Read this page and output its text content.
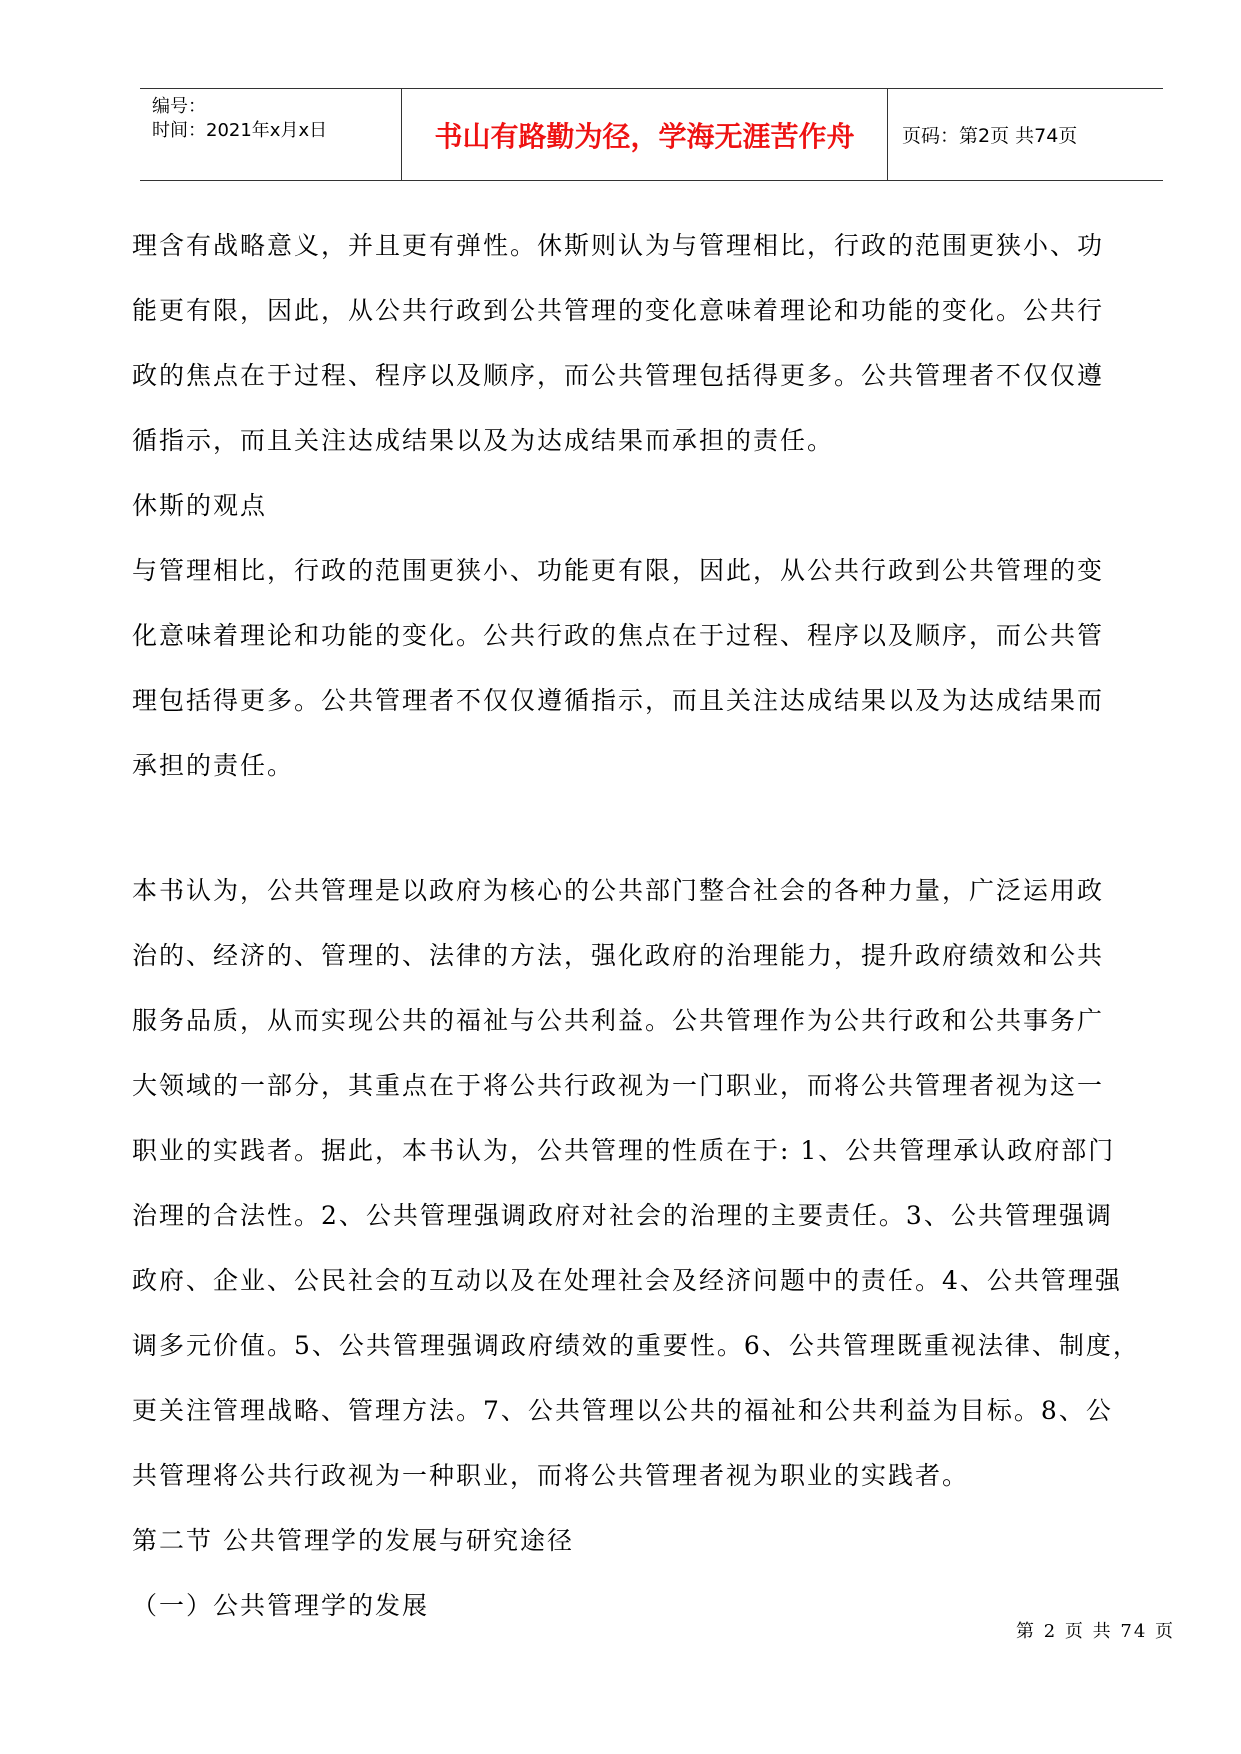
编号：
时间：2021年x月x日	书山有路勤为径，学海无涯苦作舟	页码：第2页 共74页
理含有战略意义，并且更有弹性。休斯则认为与管理相比，行政的范围更狭小、功
能更有限，因此，从公共行政到公共管理的变化意味着理论和功能的变化。公共行
政的焦点在于过程、程序以及顺序，而公共管理包括得更多。公共管理者不仅仅遵
循指示，而且关注达成结果以及为达成结果而承担的责任。
休斯的观点
与管理相比，行政的范围更狭小、功能更有限，因此，从公共行政到公共管理的变
化意味着理论和功能的变化。公共行政的焦点在于过程、程序以及顺序，而公共管
理包括得更多。公共管理者不仅仅遵循指示，而且关注达成结果以及为达成结果而
承担的责任。
本书认为，公共管理是以政府为核心的公共部门整合社会的各种力量，广泛运用政
治的、经济的、管理的、法律的方法，强化政府的治理能力，提升政府绩效和公共
服务品质，从而实现公共的福祉与公共利益。公共管理作为公共行政和公共事务广
大领域的一部分，其重点在于将公共行政视为一门职业，而将公共管理者视为这一
职业的实践者。据此，本书认为，公共管理的性质在于: 1、公共管理承认政府部门
治理的合法性。2、公共管理强调政府对社会的治理的主要责任。3、公共管理强调
政府、企业、公民社会的互动以及在处理社会及经济问题中的责任。4、公共管理强
调多元价值。5、公共管理强调政府绩效的重要性。6、公共管理既重视法律、制度，
更关注管理战略、管理方法。7、公共管理以公共的福祉和公共利益为目标。8、公
共管理将公共行政视为一种职业，而将公共管理者视为职业的实践者。
第二节 公共管理学的发展与研究途径
（一）公共管理学的发展
第 2 页 共 74 页
